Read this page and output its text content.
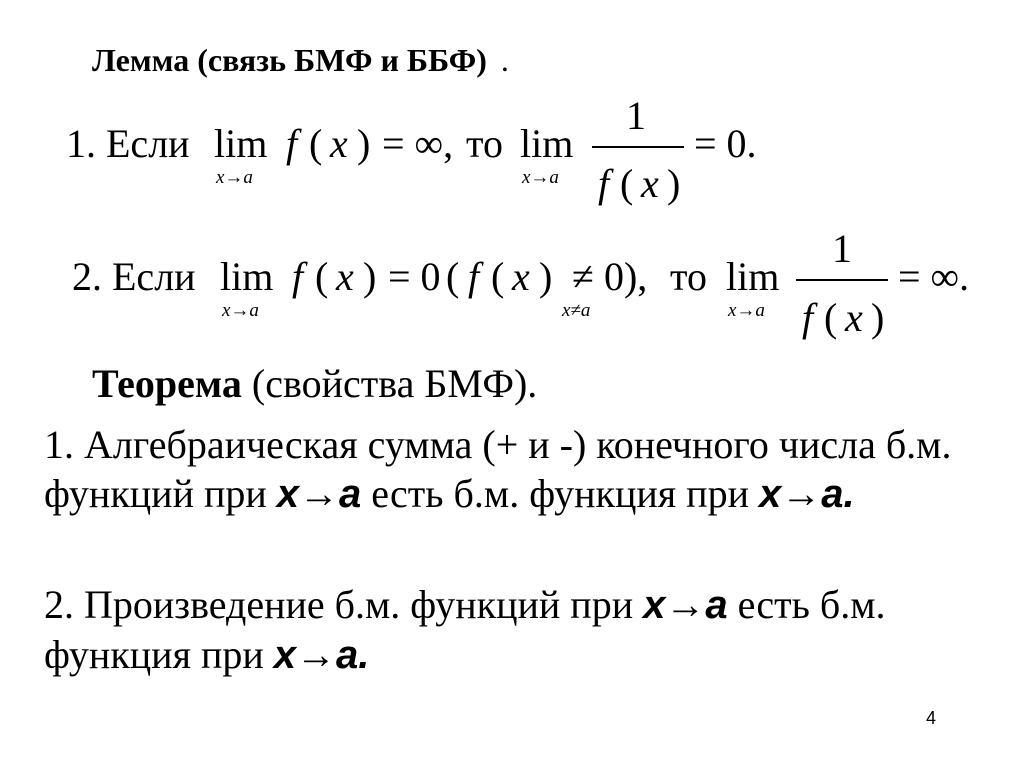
Лемма (связь БМФ и ББФ) .
1. Если lim
x→a
f ( x ) = ∞, то lim
x→a
1
f ( x )
= 0.
2. Если lim
x→a
f ( x ) = 0 ( f ( x ) ≠ 0),
x≠a
то lim
x→a
1
f ( x )
= ∞.
Теорема (свойства БМФ).
1. Алгебраическая сумма (+ и -) конечного числа б.м. функций при x→a есть б.м. функция при x→a.
2. Произведение б.м. функций при x→a есть б.м. функция при x→a.
4
